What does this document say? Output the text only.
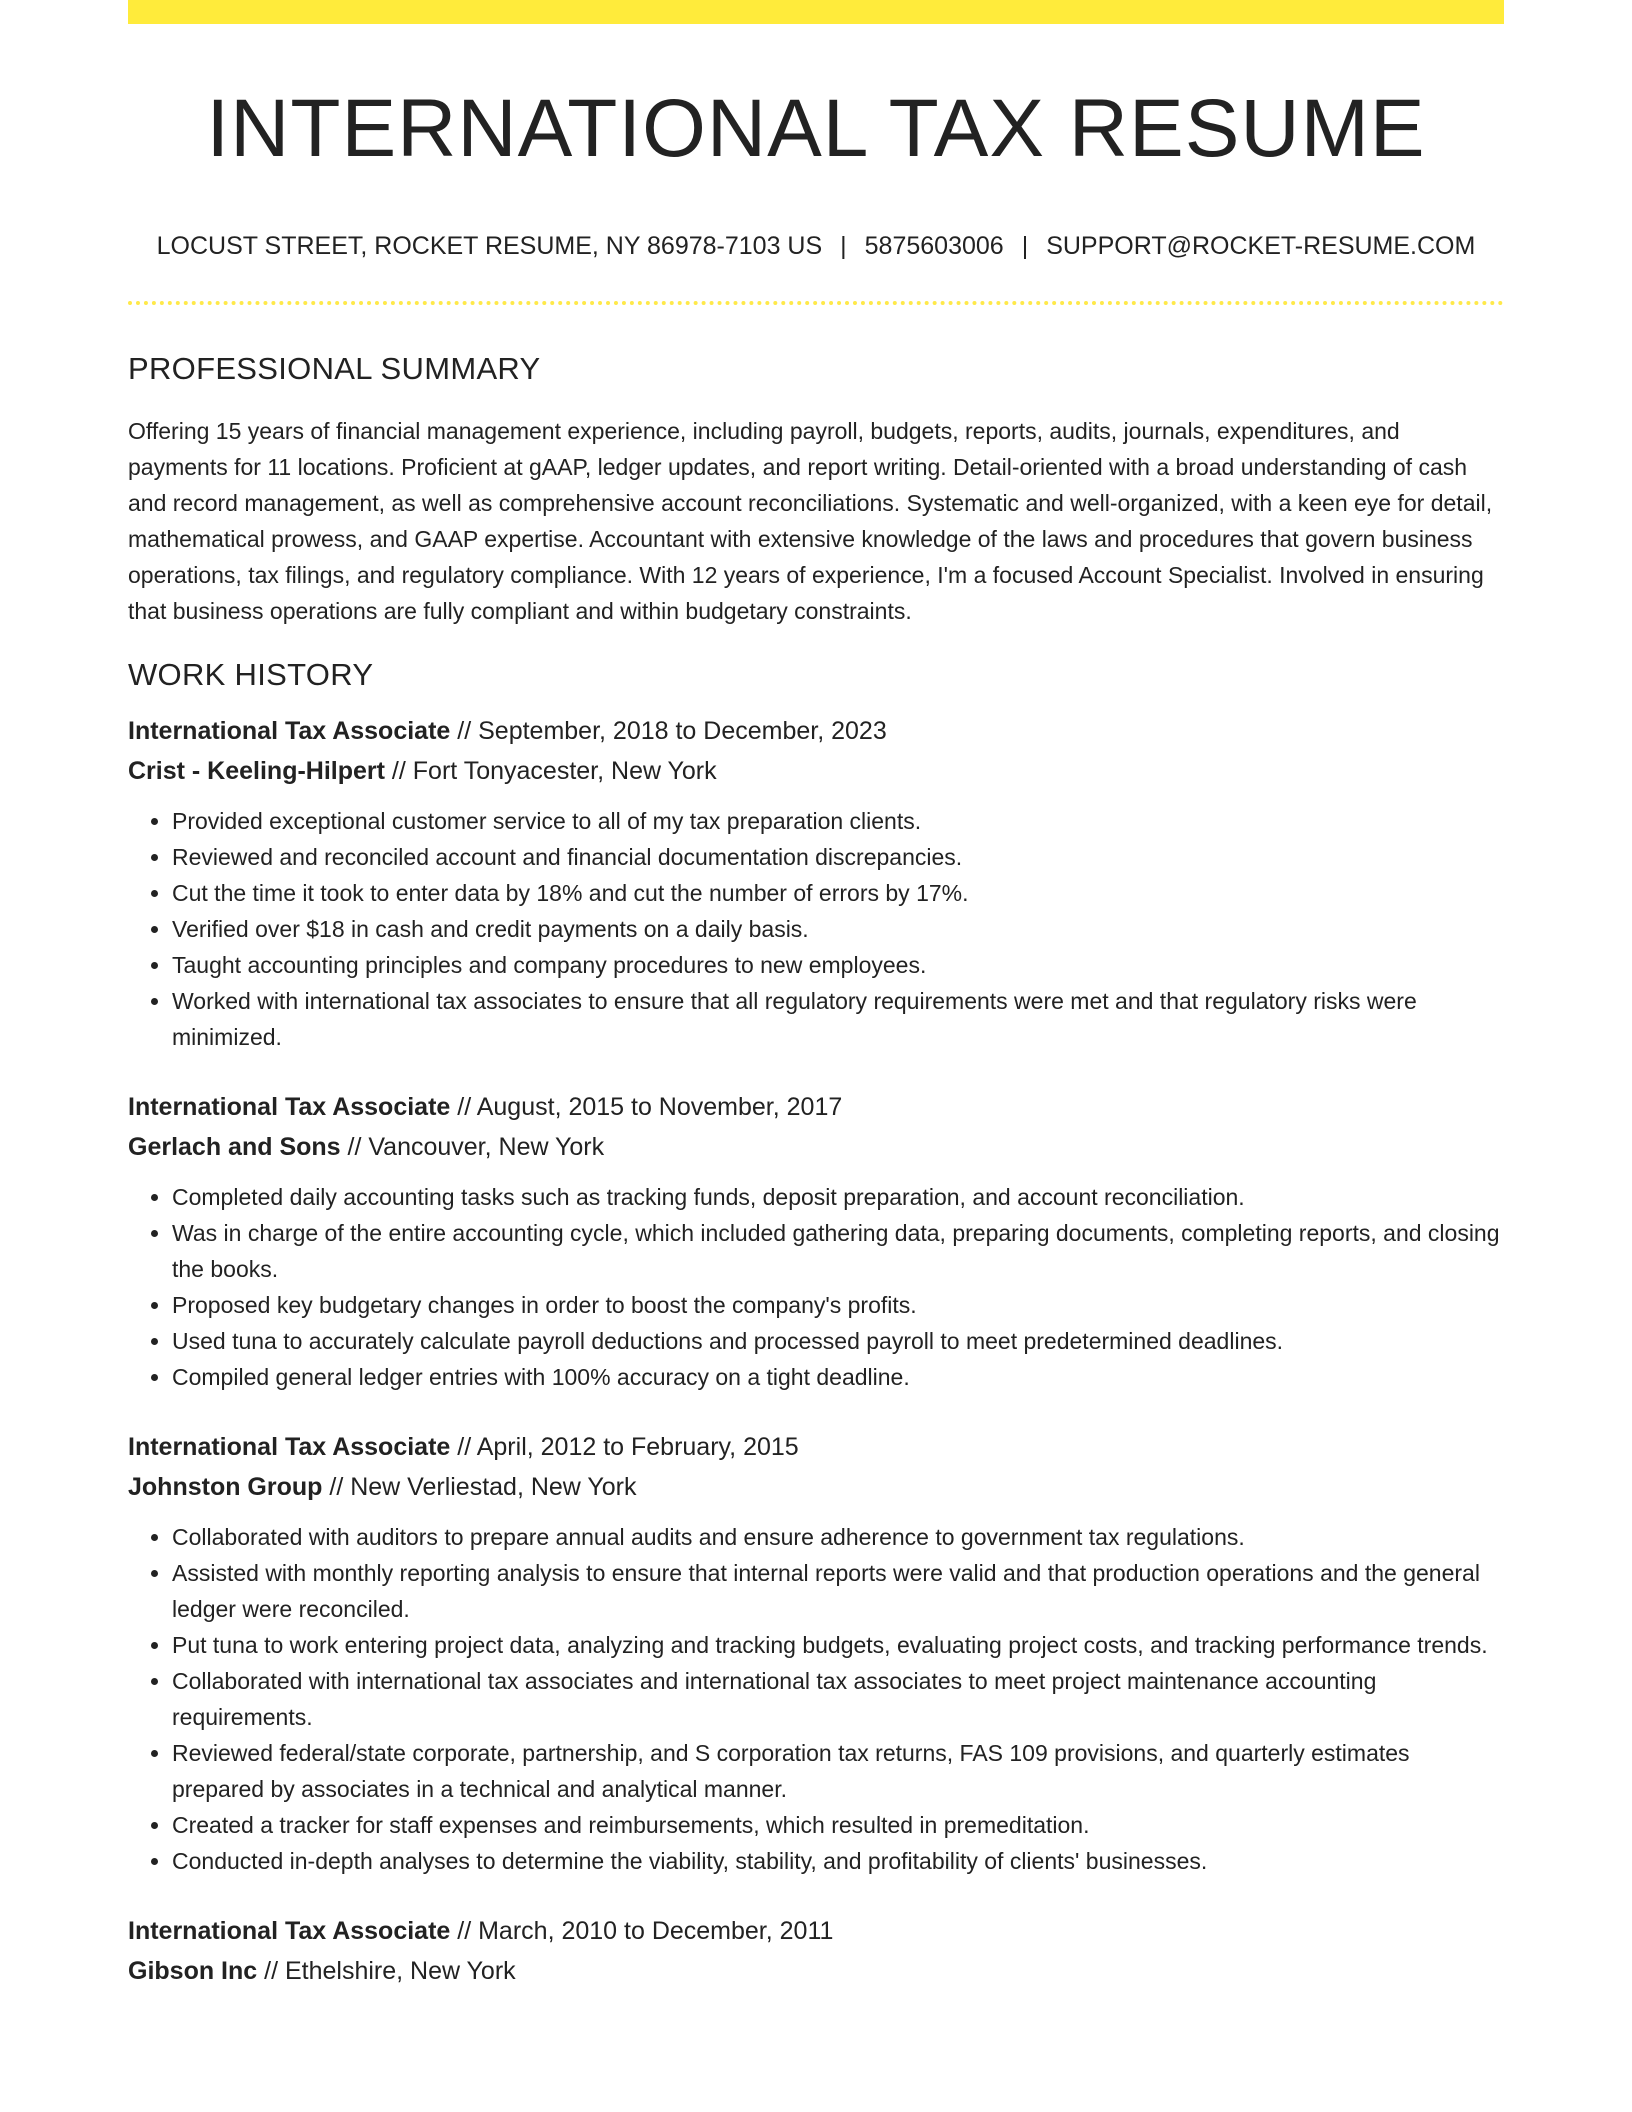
INTERNATIONAL TAX RESUME
LOCUST STREET, ROCKET RESUME, NY 86978-7103 US | 5875603006 | SUPPORT@ROCKET-RESUME.COM
PROFESSIONAL SUMMARY

Offering 15 years of financial management experience, including payroll, budgets, reports, audits, journals, expenditures, and payments for 11 locations. Proficient at gAAP, ledger updates, and report writing. Detail-oriented with a broad understanding of cash and record management, as well as comprehensive account reconciliations. Systematic and well-organized, with a keen eye for detail, mathematical prowess, and GAAP expertise. Accountant with extensive knowledge of the laws and procedures that govern business operations, tax filings, and regulatory compliance. With 12 years of experience, I'm a focused Account Specialist. Involved in ensuring that business operations are fully compliant and within budgetary constraints.

WORK HISTORY
International Tax Associate // September, 2018 to December, 2023
Crist - Keeling-Hilpert // Fort Tonyacester, New York
• Provided exceptional customer service to all of my tax preparation clients.
• Reviewed and reconciled account and financial documentation discrepancies.
• Cut the time it took to enter data by 18% and cut the number of errors by 17%.
• Verified over $18 in cash and credit payments on a daily basis.
• Taught accounting principles and company procedures to new employees.
• Worked with international tax associates to ensure that all regulatory requirements were met and that regulatory risks were minimized.
International Tax Associate // August, 2015 to November, 2017
Gerlach and Sons // Vancouver, New York
• Completed daily accounting tasks such as tracking funds, deposit preparation, and account reconciliation.
• Was in charge of the entire accounting cycle, which included gathering data, preparing documents, completing reports, and closing the books.
• Proposed key budgetary changes in order to boost the company's profits.
• Used tuna to accurately calculate payroll deductions and processed payroll to meet predetermined deadlines.
• Compiled general ledger entries with 100% accuracy on a tight deadline.
International Tax Associate // April, 2012 to February, 2015
Johnston Group // New Verliestad, New York
• Collaborated with auditors to prepare annual audits and ensure adherence to government tax regulations.
• Assisted with monthly reporting analysis to ensure that internal reports were valid and that production operations and the general ledger were reconciled.
• Put tuna to work entering project data, analyzing and tracking budgets, evaluating project costs, and tracking performance trends.
• Collaborated with international tax associates and international tax associates to meet project maintenance accounting requirements.
• Reviewed federal/state corporate, partnership, and S corporation tax returns, FAS 109 provisions, and quarterly estimates prepared by associates in a technical and analytical manner.
• Created a tracker for staff expenses and reimbursements, which resulted in premeditation.
• Conducted in-depth analyses to determine the viability, stability, and profitability of clients' businesses.
International Tax Associate // March, 2010 to December, 2011
Gibson Inc // Ethelshire, New York
